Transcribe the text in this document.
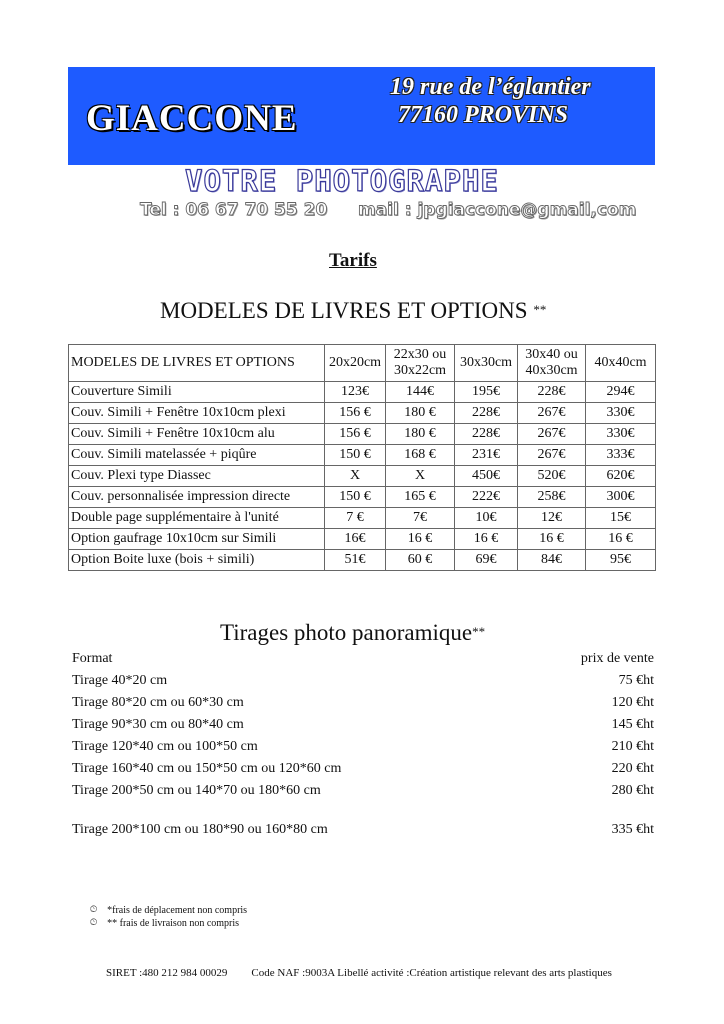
GIACCONE
19 rue de l’églantier
77160 PROVINS
VOTRE PHOTOGRAPHE
Tel : 06 67 70 55 20 mail : jpgiaccone@gmail,com
Tarifs
MODELES DE LIVRES ET OPTIONS **
MODELES DE LIVRES ET OPTIONS	20x20cm	22x30 ou 30x22cm	30x30cm	30x40 ou 40x30cm	40x40cm
Couverture Simili	123€	144€	195€	228€	294€
Couv. Simili + Fenêtre 10x10cm plexi	156 €	180 €	228€	267€	330€
Couv. Simili + Fenêtre 10x10cm alu	156 €	180 €	228€	267€	330€
Couv. Simili matelassée + piqûre	150 €	168 €	231€	267€	333€
Couv. Plexi type Diassec	X	X	450€	520€	620€
Couv. personnalisée impression directe	150 €	165 €	222€	258€	300€
Double page supplémentaire à l'unité	7 €	7€	10€	12€	15€
Option gaufrage 10x10cm sur Simili	16€	16 €	16 €	16 €	16 €
Option Boite luxe (bois + simili)	51€	60 €	69€	84€	95€
Tirages photo panoramique**
Format	prix de vente
Tirage 40*20 cm	75 €ht
Tirage 80*20 cm ou 60*30 cm	120 €ht
Tirage 90*30 cm ou 80*40 cm	145 €ht
Tirage 120*40 cm ou 100*50 cm	210 €ht
Tirage 160*40 cm ou 150*50 cm ou 120*60 cm	220 €ht
Tirage 200*50 cm ou 140*70 ou 180*60 cm	280 €ht
Tirage 200*100 cm ou 180*90 ou 160*80 cm	335 €ht
🕒︎ *frais de déplacement non compris
🕒︎ ** frais de livraison non compris
SIRET :480 212 984 00029 Code NAF :9003A Libellé activité :Création artistique relevant des arts plastiques
